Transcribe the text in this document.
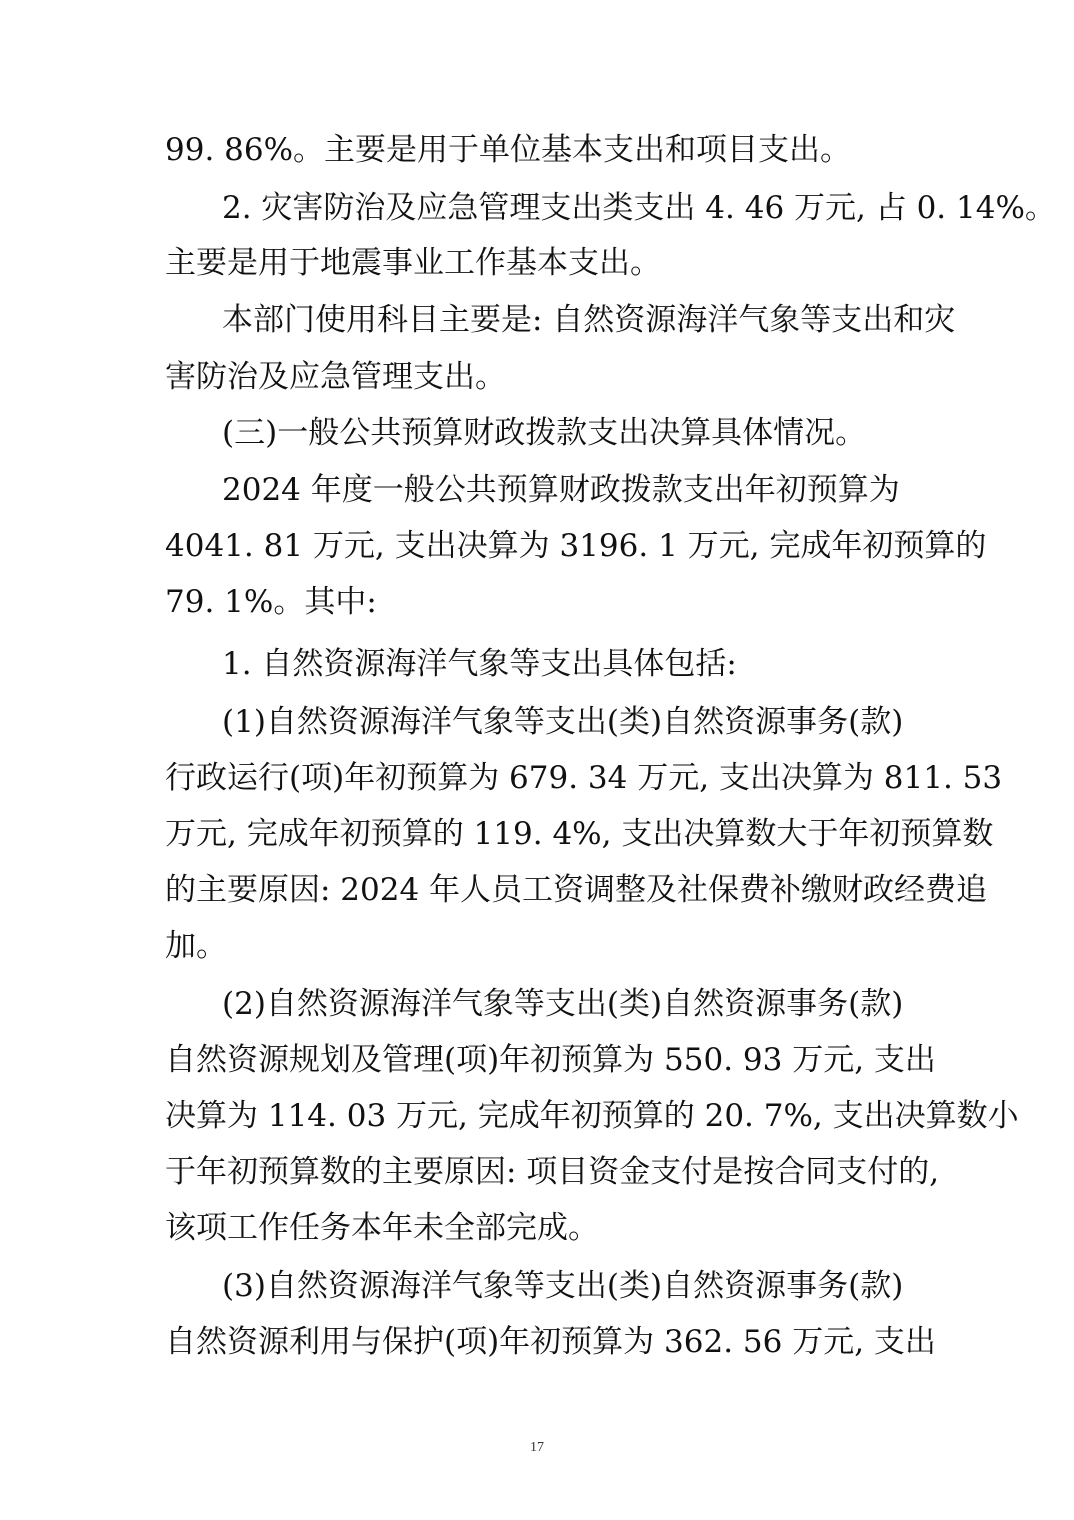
99. 86%。主要是用于单位基本支出和项目支出。
2. 灾害防治及应急管理支出类支出 4. 46 万元, 占 0. 14%。
主要是用于地震事业工作基本支出。
本部门使用科目主要是: 自然资源海洋气象等支出和灾
害防治及应急管理支出。
(三)一般公共预算财政拨款支出决算具体情况。
2024 年度一般公共预算财政拨款支出年初预算为
4041. 81 万元, 支出决算为 3196. 1 万元, 完成年初预算的
79. 1%。其中:
1. 自然资源海洋气象等支出具体包括:
(1)自然资源海洋气象等支出(类)自然资源事务(款)
行政运行(项)年初预算为 679. 34 万元, 支出决算为 811. 53
万元, 完成年初预算的 119. 4%, 支出决算数大于年初预算数
的主要原因: 2024 年人员工资调整及社保费补缴财政经费追
加。
(2)自然资源海洋气象等支出(类)自然资源事务(款)
自然资源规划及管理(项)年初预算为 550. 93 万元, 支出
决算为 114. 03 万元, 完成年初预算的 20. 7%, 支出决算数小
于年初预算数的主要原因: 项目资金支付是按合同支付的,
该项工作任务本年未全部完成。
(3)自然资源海洋气象等支出(类)自然资源事务(款)
自然资源利用与保护(项)年初预算为 362. 56 万元, 支出
17
